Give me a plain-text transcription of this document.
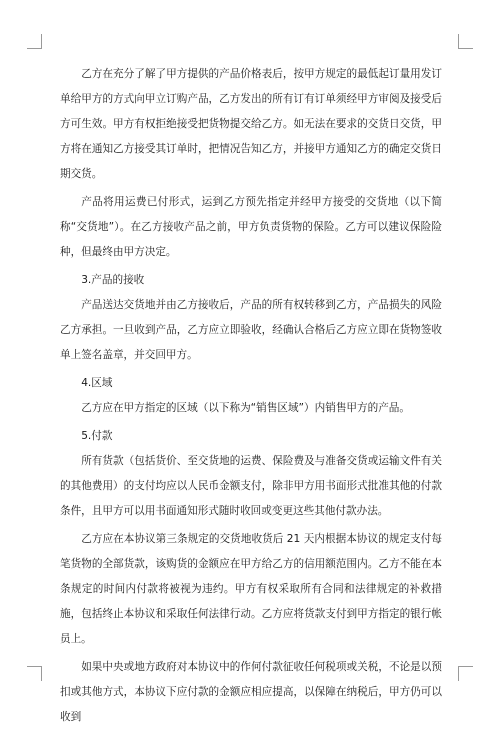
乙方在充分了解了甲方提供的产品价格表后，按甲方规定的最低起订量用发订单给甲方的方式向甲立订购产品，乙方发出的所有订有订单须经甲方审阅及接受后方可生效。甲方有权拒绝接受把货物提交给乙方。如无法在要求的交货日交货，甲方将在通知乙方接受其订单时，把情况告知乙方，并接甲方通知乙方的确定交货日期交货。

产品将用运费已付形式，运到乙方预先指定并经甲方接受的交货地（以下简称“交货地”）。在乙方接收产品之前，甲方负责货物的保险。乙方可以建议保险险种，但最终由甲方决定。

3.产品的接收

产品送达交货地并由乙方接收后，产品的所有权转移到乙方，产品损失的风险乙方承担。一旦收到产品，乙方应立即验收，经确认合格后乙方应立即在货物签收单上签名盖章，并交回甲方。

4.区域

乙方应在甲方指定的区域（以下称为“销售区域”）内销售甲方的产品。

5.付款

所有货款（包括货价、至交货地的运费、保险费及与准备交货或运输文件有关的其他费用）的支付均应以人民币金额支付，除非甲方用书面形式批准其他的付款条件，且甲方可以用书面通知形式随时收回或变更这些其他付款办法。

乙方应在本协议第三条规定的交货地收货后 21 天内根据本协议的规定支付每笔货物的全部货款，该购货的金额应在甲方给乙方的信用额范围内。乙方不能在本条规定的时间内付款将被视为违约。甲方有权采取所有合同和法律规定的补救措施，包括终止本协议和采取任何法律行动。乙方应将货款支付到甲方指定的银行帐员上。

如果中央或地方政府对本协议中的作何付款征收任何税项或关税，不论是以预扣或其他方式，本协议下应付款的金额应相应提高，以保障在纳税后，甲方仍可以收到
